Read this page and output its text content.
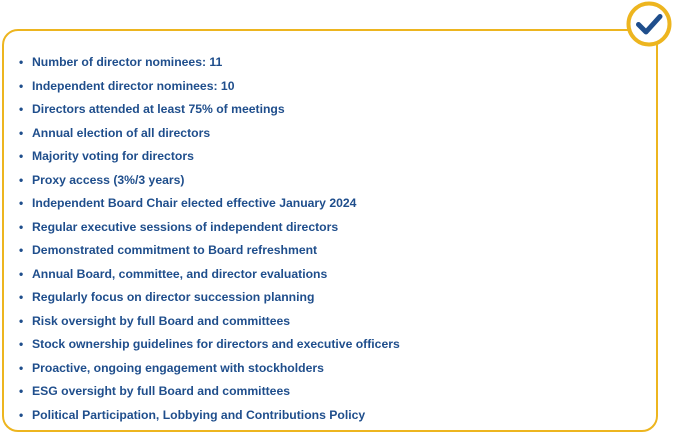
• Number of director nominees: 11
• Independent director nominees: 10
• Directors attended at least 75% of meetings
• Annual election of all directors
• Majority voting for directors
• Proxy access (3%/3 years)
• Independent Board Chair elected effective January 2024
• Regular executive sessions of independent directors
• Demonstrated commitment to Board refreshment
• Annual Board, committee, and director evaluations
• Regularly focus on director succession planning
• Risk oversight by full Board and committees
• Stock ownership guidelines for directors and executive officers
• Proactive, ongoing engagement with stockholders
• ESG oversight by full Board and committees
• Political Participation, Lobbying and Contributions Policy
